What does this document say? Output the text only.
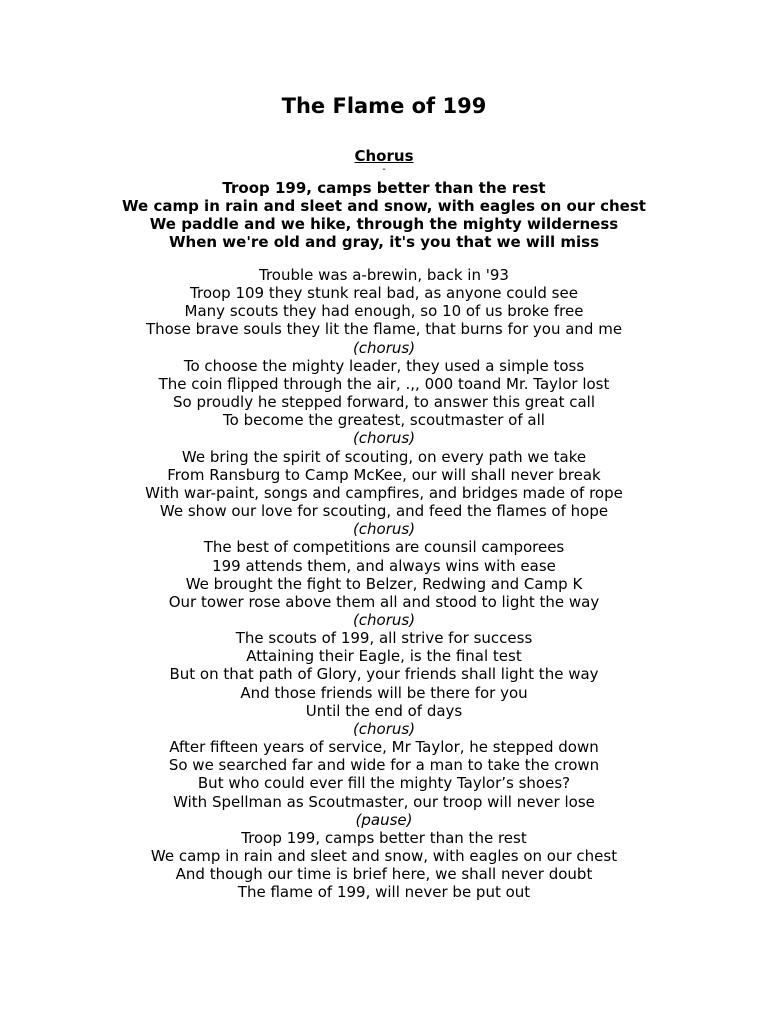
The Flame of 199
Chorus
-
Troop 199, camps better than the rest
We camp in rain and sleet and snow, with eagles on our chest
We paddle and we hike, through the mighty wilderness
When we're old and gray, it's you that we will miss
Trouble was a-brewin, back in '93
Troop 109 they stunk real bad, as anyone could see
Many scouts they had enough, so 10 of us broke free
Those brave souls they lit the flame, that burns for you and me
(chorus)
To choose the mighty leader, they used a simple toss
The coin flipped through the air, .,, 000 toand Mr. Taylor lost
So proudly he stepped forward, to answer this great call
To become the greatest, scoutmaster of all
(chorus)
We bring the spirit of scouting, on every path we take
From Ransburg to Camp McKee, our will shall never break
With war-paint, songs and campfires, and bridges made of rope
We show our love for scouting, and feed the flames of hope
(chorus)
The best of competitions are counsil camporees
199 attends them, and always wins with ease
We brought the fight to Belzer, Redwing and Camp K
Our tower rose above them all and stood to light the way
(chorus)
The scouts of 199, all strive for success
Attaining their Eagle, is the final test
But on that path of Glory, your friends shall light the way
And those friends will be there for you
Until the end of days
(chorus)
After fifteen years of service, Mr Taylor, he stepped down
So we searched far and wide for a man to take the crown
But who could ever fill the mighty Taylor’s shoes?
With Spellman as Scoutmaster, our troop will never lose
(pause)
Troop 199, camps better than the rest
We camp in rain and sleet and snow, with eagles on our chest
And though our time is brief here, we shall never doubt
The flame of 199, will never be put out
